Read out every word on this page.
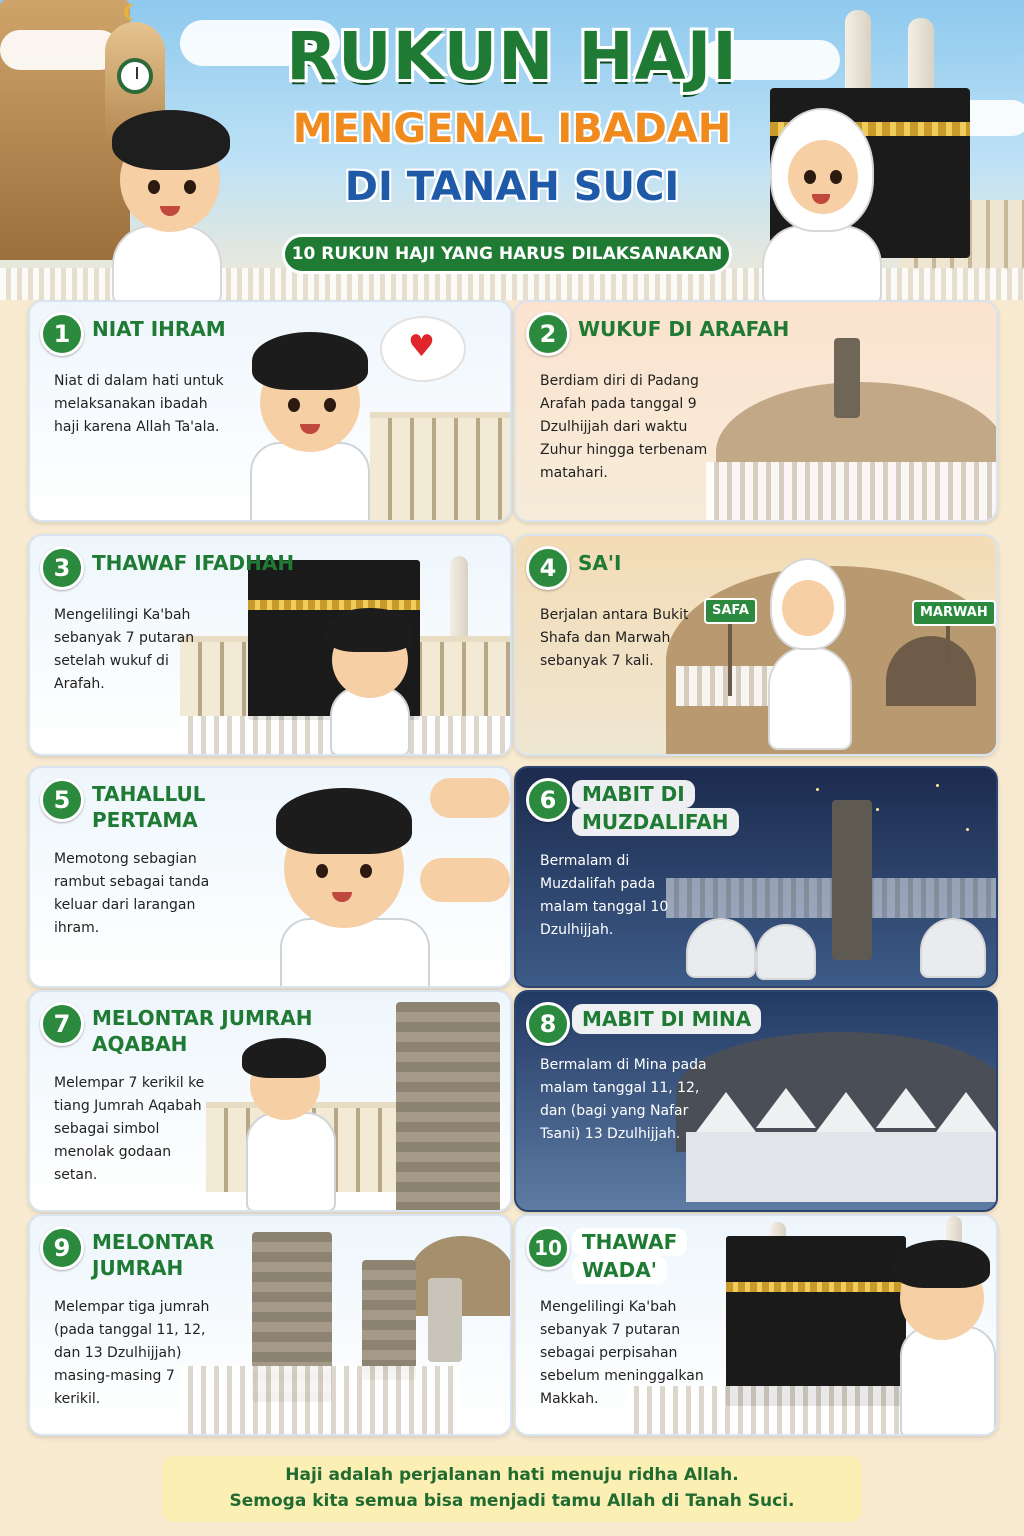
RUKUN HAJI
MENGENAL IBADAH
DI TANAH SUCI
10 RUKUN HAJI YANG HARUS DILAKSANAKAN
♥
1	NIAT IHRAM
Niat di dalam hati untuk melaksanakan ibadah haji karena Allah Ta'ala.
2	WUKUF DI ARAFAH
Berdiam diri di Padang Arafah pada tanggal 9 Dzulhijjah dari waktu Zuhur hingga terbenam matahari.
3	THAWAF IFADHAH
Mengelilingi Ka'bah sebanyak 7 putaran setelah wukuf di Arafah.
SAFA	MARWAH
4	SA'I
Berjalan antara Bukit Shafa dan Marwah sebanyak 7 kali.
5	TAHALLUL
PERTAMA
Memotong sebagian rambut sebagai tanda keluar dari larangan ihram.
6	MABIT DI
MUZDALIFAH
Bermalam di Muzdalifah pada malam tanggal 10 Dzulhijjah.
7	MELONTAR JUMRAH
AQABAH
Melempar 7 kerikil ke tiang Jumrah Aqabah sebagai simbol menolak godaan setan.
8	MABIT DI MINA
Bermalam di Mina pada malam tanggal 11, 12, dan (bagi yang Nafar Tsani) 13 Dzulhijjah.
9	MELONTAR
JUMRAH
Melempar tiga jumrah (pada tanggal 11, 12, dan 13 Dzulhijjah) masing-masing 7 kerikil.
10	THAWAF
WADA'
Mengelilingi Ka'bah sebanyak 7 putaran sebagai perpisahan sebelum meninggalkan Makkah.
Haji adalah perjalanan hati menuju ridha Allah.
Semoga kita semua bisa menjadi tamu Allah di Tanah Suci.
